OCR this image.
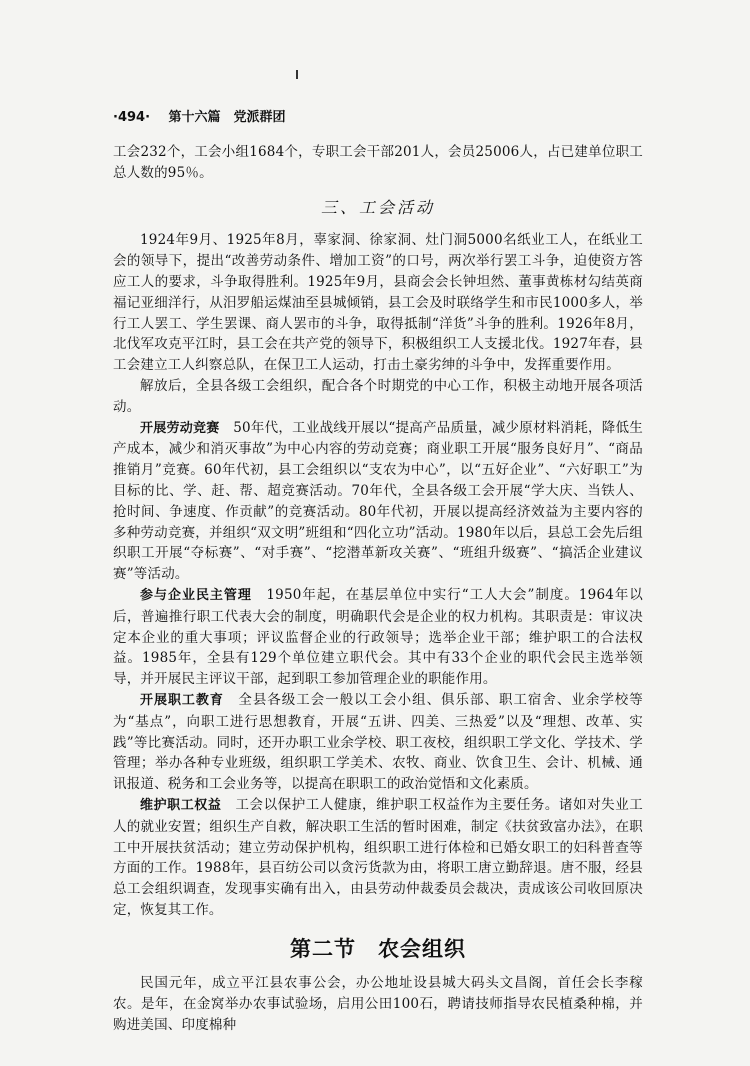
·494· 第十六篇　党派群团

工会232个，工会小组1684个，专职工会干部201人，会员25006人，占已建单位职工总人数的95％。

三、工会活动

1924年9月、1925年8月，辜家洞、徐家洞、灶门洞5000名纸业工人，在纸业工会的领导下，提出“改善劳动条件、增加工资”的口号，两次举行罢工斗争，迫使资方答应工人的要求，斗争取得胜利。1925年9月，县商会会长钟坦然、董事黄栋材勾结英商福记亚细洋行，从汨罗船运煤油至县城倾销，县工会及时联络学生和市民1000多人，举行工人罢工、学生罢课、商人罢市的斗争，取得抵制“洋货”斗争的胜利。1926年8月，北伐军攻克平江时，县工会在共产党的领导下，积极组织工人支援北伐。1927年春，县工会建立工人纠察总队，在保卫工人运动，打击土豪劣绅的斗争中，发挥重要作用。

解放后，全县各级工会组织，配合各个时期党的中心工作，积极主动地开展各项活动。

开展劳动竞赛　50年代，工业战线开展以“提高产品质量，减少原材料消耗，降低生产成本，减少和消灭事故”为中心内容的劳动竞赛；商业职工开展“服务良好月”、“商品推销月”竞赛。60年代初，县工会组织以“支农为中心”，以“五好企业”、“六好职工”为目标的比、学、赶、帮、超竞赛活动。70年代，全县各级工会开展“学大庆、当铁人、抢时间、争速度、作贡献”的竞赛活动。80年代初，开展以提高经济效益为主要内容的多种劳动竞赛，并组织“双文明”班组和“四化立功”活动。1980年以后，县总工会先后组织职工开展“夺标赛”、“对手赛”、“挖潜革新攻关赛”、“班组升级赛”、“搞活企业建议赛”等活动。

参与企业民主管理　1950年起，在基层单位中实行“工人大会”制度。1964年以后，普遍推行职工代表大会的制度，明确职代会是企业的权力机构。其职责是：审议决定本企业的重大事项；评议监督企业的行政领导；选举企业干部；维护职工的合法权益。1985年，全县有129个单位建立职代会。其中有33个企业的职代会民主选举领导，并开展民主评议干部，起到职工参加管理企业的职能作用。

开展职工教育　全县各级工会一般以工会小组、俱乐部、职工宿舍、业余学校等为“基点”，向职工进行思想教育，开展“五讲、四美、三热爱”以及“理想、改革、实践”等比赛活动。同时，还开办职工业余学校、职工夜校，组织职工学文化、学技术、学管理；举办各种专业班级，组织职工学美术、农牧、商业、饮食卫生、会计、机械、通讯报道、税务和工会业务等，以提高在职职工的政治觉悟和文化素质。

维护职工权益　工会以保护工人健康，维护职工权益作为主要任务。诸如对失业工人的就业安置；组织生产自救，解决职工生活的暂时困难，制定《扶贫致富办法》，在职工中开展扶贫活动；建立劳动保护机构，组织职工进行体检和已婚女职工的妇科普查等方面的工作。1988年，县百纺公司以贪污货款为由，将职工唐立勤辞退。唐不服，经县总工会组织调查，发现事实确有出入，由县劳动仲裁委员会裁决，责成该公司收回原决定，恢复其工作。

第二节 农会组织

民国元年，成立平江县农事公会，办公地址设县城大码头文昌阁，首任会长李稼农。是年，在金窝举办农事试验场，启用公田100石，聘请技师指导农民植桑种棉，并购进美国、印度棉种
